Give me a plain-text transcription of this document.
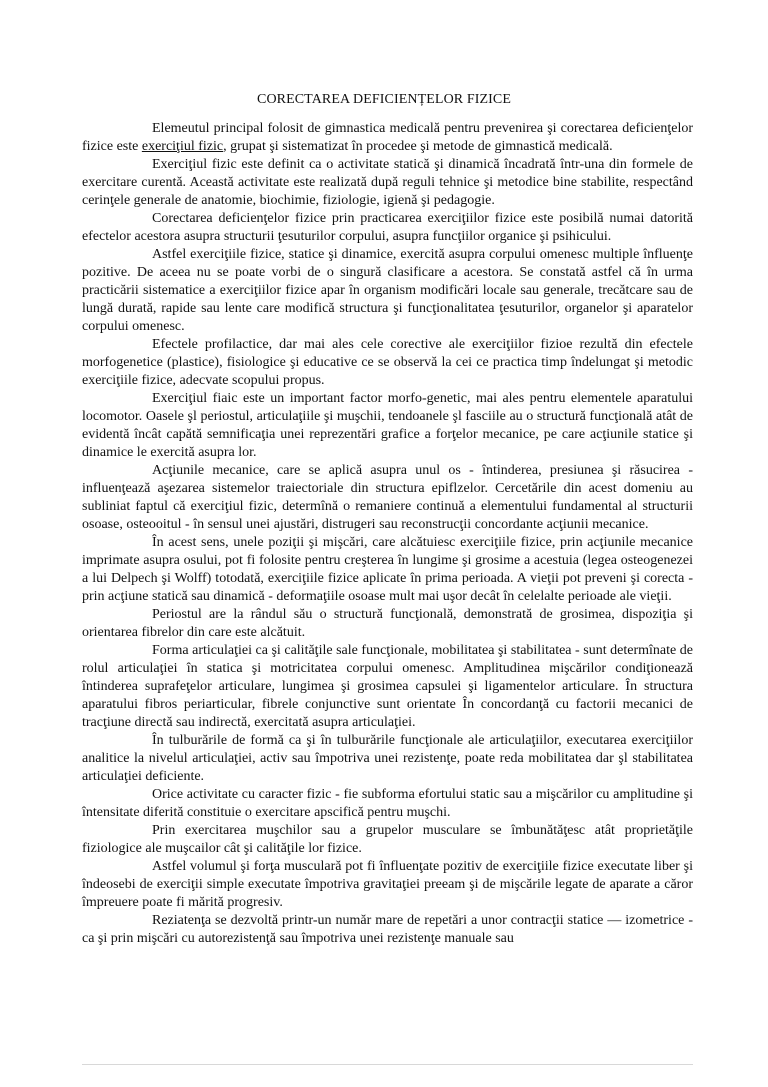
CORECTAREA DEFICIENȚELOR FIZICE

Elemeutul principal folosit de gimnastica medicală pentru prevenirea şi corectarea deficienţelor fizice este exerciţiul fizic, grupat şi sistematizat în procedee şi metode de gimnastică medicală.

Exerciţiul fizic este definit ca o activitate statică şi dinamică încadrată într-una din formele de exercitare curentă. Această activitate este realizată după reguli tehnice şi metodice bine stabilite, respectând cerinţele generale de anatomie, biochimie, fiziologie, igienă şi pedagogie.

Corectarea deficienţelor fizice prin practicarea exerciţiilor fizice este posibilă numai datorită efectelor acestora asupra structurii ţesuturilor corpului, asupra funcţiilor organice şi psihicului.

Astfel exerciţiile fizice, statice şi dinamice, exercită asupra corpului omenesc multiple înfluenţe pozitive. De aceea nu se poate vorbi de o singură clasificare a acestora. Se constată astfel că în urma practicării sistematice a exerciţiilor fizice apar în organism modificări locale sau generale, trecătcare sau de lungă durată, rapide sau lente care modifică structura şi funcţionalitatea ţesuturilor, organelor şi aparatelor corpului omenesc.

Efectele profilactice, dar mai ales cele corective ale exerciţiilor fizioe rezultă din efectele morfogenetice (plastice), fisiologice şi educative ce se observă la cei ce practica timp îndelungat şi metodic exerciţiile fizice, adecvate scopului propus.

Exerciţiul fiaic este un important factor morfo-genetic, mai ales pentru elementele aparatului locomotor. Oasele şl periostul, articulaţiile şi muşchii, tendoanele şl fasciile au o structură funcţională atât de evidentă încât capătă semnificaţia unei reprezentări grafice a forţelor mecanice, pe care acţiunile statice şi dinamice le exercită asupra lor.

Acţiunile mecanice, care se aplică asupra unul os - întinderea, presiunea şi răsucirea - influenţează aşezarea sistemelor traiectoriale din structura epiflzelor. Cercetările din acest domeniu au subliniat faptul că exerciţiul fizic, determînă o remaniere continuă a elementului fundamental al structurii osoase, osteooitul - în sensul unei ajustări, distrugeri sau reconstrucţii concordante acţiunii mecanice.

În acest sens, unele poziţii şi mişcări, care alcătuiesc exerciţiile fizice, prin acţiunile mecanice imprimate asupra osului, pot fi folosite pentru creşterea în lungime şi grosime a acestuia (legea osteogenezei a lui Delpech şi Wolff) totodată, exerciţiile fizice aplicate în prima perioada. A vieţii pot preveni şi corecta - prin acţiune statică sau dinamică - deformaţiile osoase mult mai uşor decât în celelalte perioade ale vieţii.

Periostul are la rândul său o structură funcţională, demonstrată de grosimea, dispoziţia şi orientarea fibrelor din care este alcătuit.

Forma articulaţiei ca şi calităţile sale funcţionale, mobilitatea şi stabilitatea - sunt determînate de rolul articulaţiei în statica şi motricitatea corpului omenesc. Amplitudinea mişcărilor condiţionează întinderea suprafeţelor articulare, lungimea şi grosimea capsulei şi ligamentelor articulare. În structura aparatului fibros periarticular, fibrele conjunctive sunt orientate În concordanţă cu factorii mecanici de tracţiune directă sau indirectă, exercitată asupra articulaţiei.

În tulburările de formă ca şi în tulburările funcţionale ale articulaţiilor, executarea exerciţiilor analitice la nivelul articulaţiei, activ sau împotriva unei rezistenţe, poate reda mobilitatea dar şl stabilitatea articulaţiei deficiente.

Orice activitate cu caracter fizic - fie subforma efortului static sau a mişcărilor cu amplitudine şi întensitate diferită constituie o exercitare apscifică pentru muşchi.

Prin exercitarea muşchilor sau a grupelor musculare se îmbunătăţesc atât proprietăţile fiziologice ale muşcailor cât şi calităţile lor fizice.

Astfel volumul şi forţa musculară pot fi înfluenţate pozitiv de exerciţiile fizice executate liber şi îndeosebi de exerciţii simple executate împotriva gravitaţiei preeam şi de mişcările legate de aparate a căror împreuere poate fi mărită progresiv.

Reziatenţa se dezvoltă printr-un număr mare de repetări a unor contracţii statice — izometrice - ca şi prin mişcări cu autorezistenţă sau împotriva unei rezistenţe manuale sau
